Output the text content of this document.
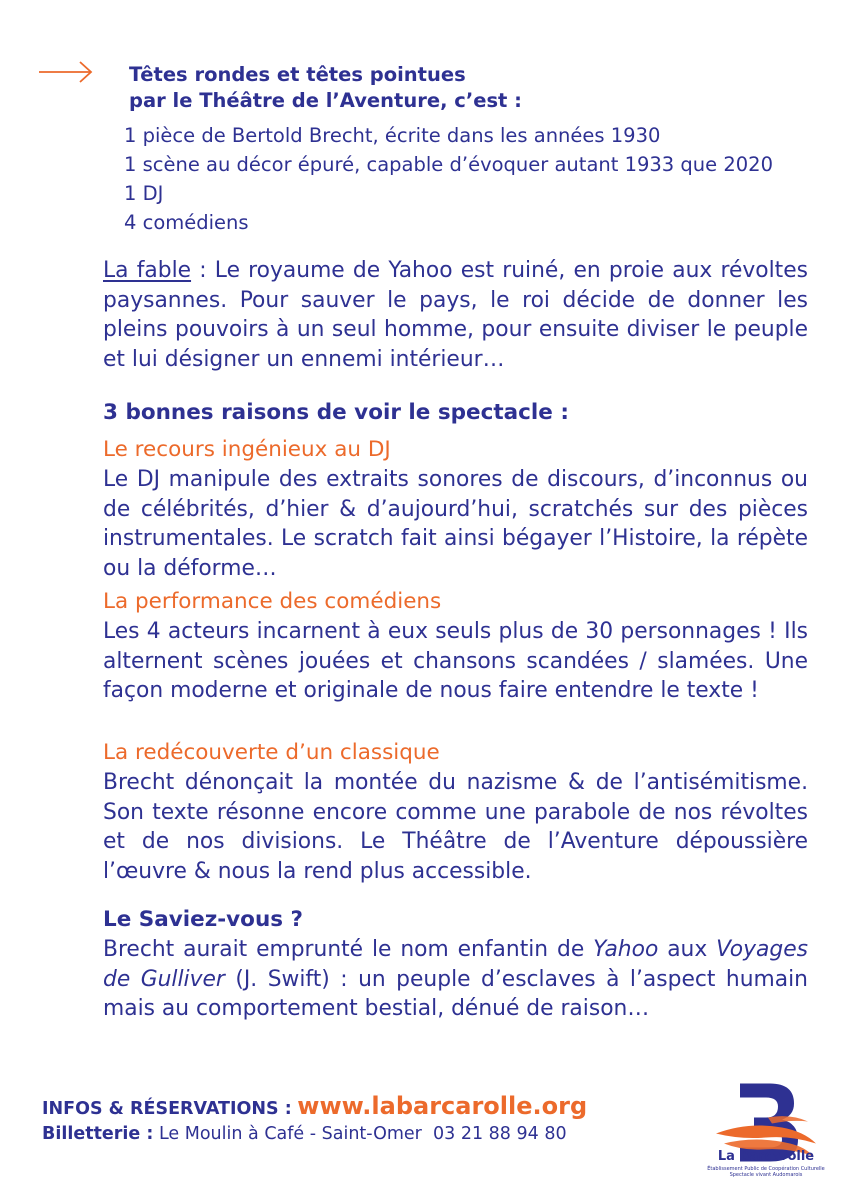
Têtes rondes et têtes pointues

par le Théâtre de l’Aventure, c’est :

1 pièce de Bertold Brecht, écrite dans les années 1930
1 scène au décor épuré, capable d’évoquer autant 1933 que 2020
1 DJ
4 comédiens

La fable : Le royaume de Yahoo est ruiné, en proie aux révoltes paysannes. Pour sauver le pays, le roi décide de donner les pleins pouvoirs à un seul homme, pour ensuite diviser le peuple et lui désigner un ennemi intérieur…

3 bonnes raisons de voir le spectacle :

Le recours ingénieux au DJ

Le DJ manipule des extraits sonores de discours, d’inconnus ou de célébrités, d’hier & d’aujourd’hui, scratchés sur des pièces instrumentales. Le scratch fait ainsi bégayer l’Histoire, la répète ou la déforme…

La performance des comédiens

Les 4 acteurs incarnent à eux seuls plus de 30 personnages ! Ils alternent scènes jouées et chansons scandées / slamées. Une façon moderne et originale de nous faire entendre le texte !

La redécouverte d’un classique

Brecht dénonçait la montée du nazisme & de l’antisémitisme. Son texte résonne encore comme une parabole de nos révoltes et de nos divisions. Le Théâtre de l’Aventure dépoussière l’œuvre & nous la rend plus accessible.

Le Saviez-vous ?

Brecht aurait emprunté le nom enfantin de Yahoo aux Voyages de Gulliver (J. Swift) : un peuple d’esclaves à l’aspect humain mais au comportement bestial, dénué de raison…

INFOS & RÉSERVATIONS : www.labarcarolle.org
Billetterie : Le Moulin à Café - Saint-Omer 03 21 88 94 80
La Barcarolle
Établissement Public de Coopération Culturelle
Spectacle vivant Audomarois
